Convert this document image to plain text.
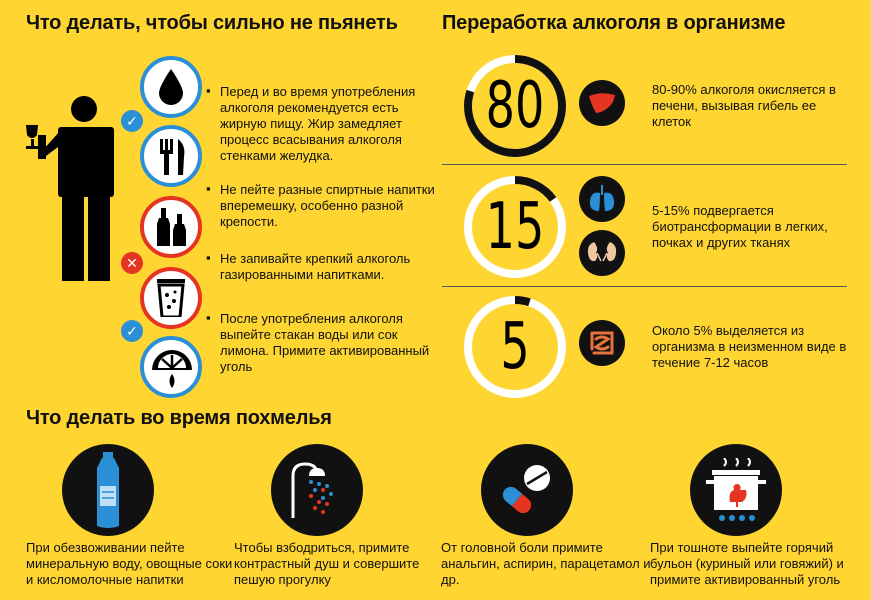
Что делать, чтобы сильно не пьянеть Переработка алкоголя в организме
Что делать во время похмелья
✓
✕
✓
▪ Перед и во время употребления алкоголя рекомендуется есть жирную пищу. Жир замедляет процесс всасывания алкоголя стенками желудка.
▪ Не пейте разные спиртные напитки вперемешку, особенно разной крепости.
▪ Не запивайте крепкий алкоголь газированными напитками.
▪ После употребления алкоголя выпейте стакан воды или сок лимона. Примите активированный уголь
80
15
5
80-90% алкоголя окисляется в печени, вызывая гибель ее клеток
5-15% подвергается биотрансформации в легких, почках и других тканях
Около 5% выделяется из организма в неизменном виде в течение 7-12 часов
При обезвоживании пейте минеральную воду, овощные соки и кисломолочные напитки
Чтобы взбодриться, примите контрастный душ и совершите пешую прогулку
От головной боли примите анальгин, аспирин, парацетамол и др.
При тошноте выпейте горячий бульон (куриный или говяжий) и примите активированный уголь
